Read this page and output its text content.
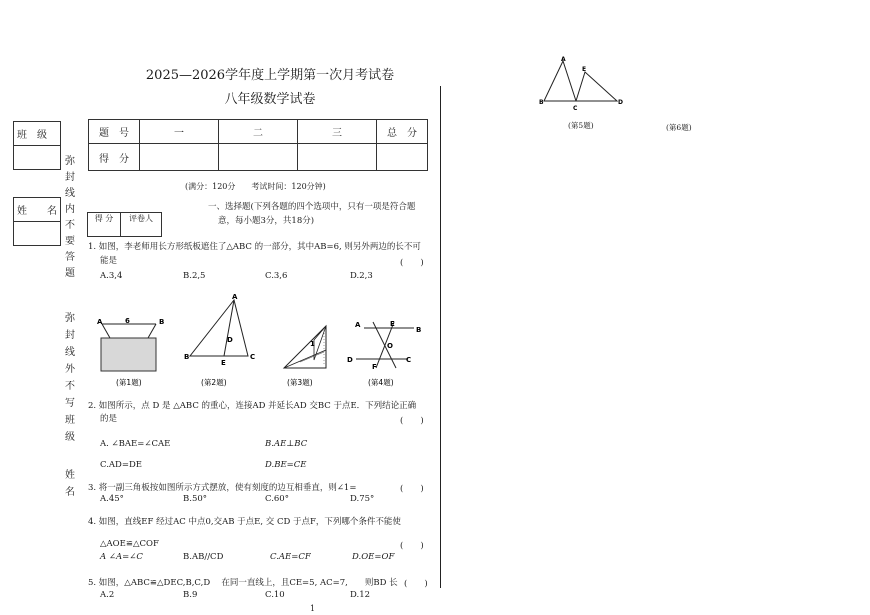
2025—2026学年度上学期第一次月考试卷
八年级数学试卷
班　级

姓　　名

弥
封
线
内
不
要
答
题
弥
封
线
外
不
写
班
级
姓
名
题　号	一	二	三	总　分
得　分				
(满分：120分　　考试时间：120分钟)
得 分	评卷人

一、选择题(下列各题的四个选项中，只有一项是符合题
意，每小题3分，共18分)
1. 如图，李老师用长方形纸板遮住了△ABC 的一部分，其中AB=6, 则另外两边的长不可
能是	(　　)
A.3,4	B.2,5	C.3,6	D.2,3
A	B
6
A
B	C
D
E
1
A
B
C
D
E
F
O
(第1题)	(第2题)	(第3题)	(第4题)
2. 如图所示，点 D 是 △ABC 的重心，连接AD 并延长AD 交BC 于点E．下列结论正确
的是	(　　)
A. ∠BAE=∠CAE	B.AE⊥BC
C.AD=DE	D.BE=CE
3. 将一副三角板按如图所示方式摆放，使有刻度的边互相垂直，则∠1=	(　　)
A.45°	B.50°	C.60°	D.75°
4. 如图，直线EF 经过AC 中点0,交AB 于点E, 交 CD 于点F，下列哪个条件不能使
△AOE≌△COF	(　　)
A ∠A=∠C	B.AB//CD	C.AE=CF	D.OE=OF
5. 如图，△ABC≌△DEC,B,C,D　 在同一直线上，且CE=5, AC=7,　　则BD 长 (　　)
A.2	B.9	C.10	D.12
1
A
B
C
D
E
(第5题)	(第6题)
